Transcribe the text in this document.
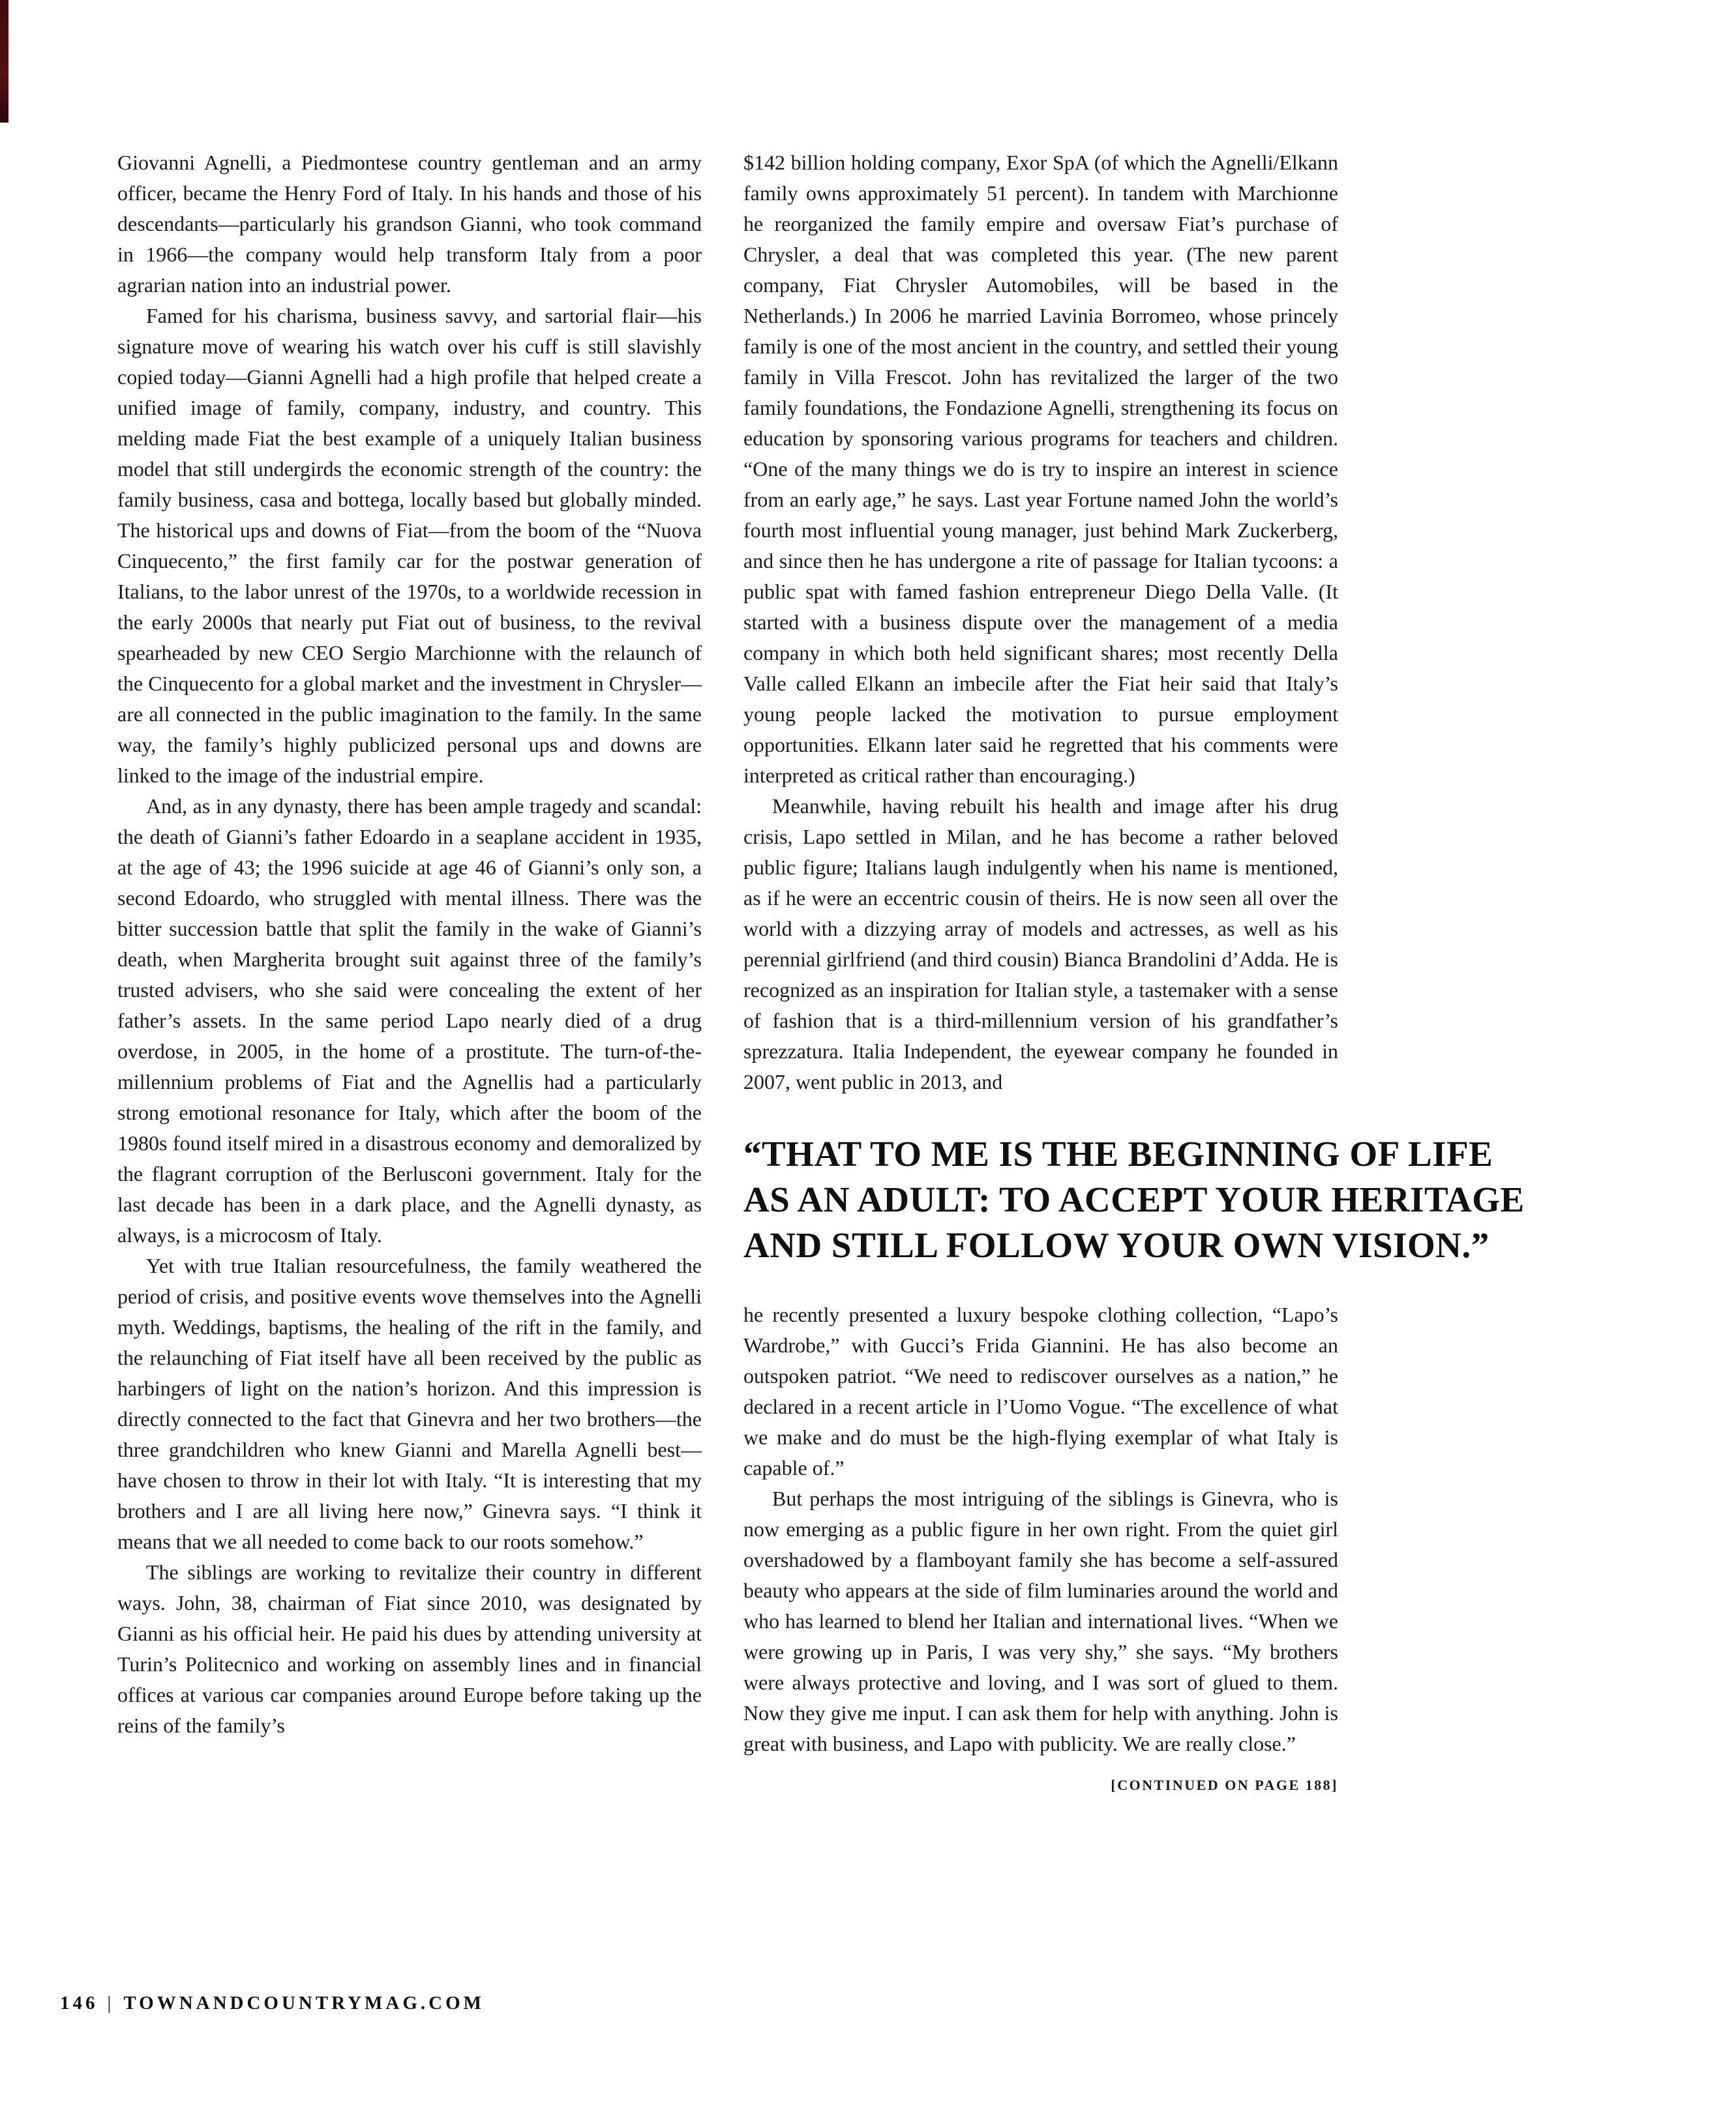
Giovanni Agnelli, a Piedmontese country gentleman and an army officer, became the Henry Ford of Italy. In his hands and those of his descendants—particularly his grandson Gianni, who took command in 1966—the company would help transform Italy from a poor agrarian nation into an industrial power.

Famed for his charisma, business savvy, and sartorial flair—his signature move of wearing his watch over his cuff is still slavishly copied today—Gianni Agnelli had a high profile that helped create a unified image of family, company, industry, and country. This melding made Fiat the best example of a uniquely Italian business model that still undergirds the economic strength of the country: the family business, casa and bottega, locally based but globally minded. The historical ups and downs of Fiat—from the boom of the “Nuova Cinquecento,” the first family car for the postwar generation of Italians, to the labor unrest of the 1970s, to a worldwide recession in the early 2000s that nearly put Fiat out of business, to the revival spearheaded by new CEO Sergio Marchionne with the relaunch of the Cinquecento for a global market and the investment in Chrysler—are all connected in the public imagination to the family. In the same way, the family’s highly publicized personal ups and downs are linked to the image of the industrial empire.

And, as in any dynasty, there has been ample tragedy and scandal: the death of Gianni’s father Edoardo in a seaplane accident in 1935, at the age of 43; the 1996 suicide at age 46 of Gianni’s only son, a second Edoardo, who struggled with mental illness. There was the bitter succession battle that split the family in the wake of Gianni’s death, when Margherita brought suit against three of the family’s trusted advisers, who she said were concealing the extent of her father’s assets. In the same period Lapo nearly died of a drug overdose, in 2005, in the home of a prostitute. The turn-of-the-millennium problems of Fiat and the Agnellis had a particularly strong emotional resonance for Italy, which after the boom of the 1980s found itself mired in a disastrous economy and demoralized by the flagrant corruption of the Berlusconi government. Italy for the last decade has been in a dark place, and the Agnelli dynasty, as always, is a microcosm of Italy.

Yet with true Italian resourcefulness, the family weathered the period of crisis, and positive events wove themselves into the Agnelli myth. Weddings, baptisms, the healing of the rift in the family, and the relaunching of Fiat itself have all been received by the public as harbingers of light on the nation’s horizon. And this impression is directly connected to the fact that Ginevra and her two brothers—the three grandchildren who knew Gianni and Marella Agnelli best—have chosen to throw in their lot with Italy. “It is interesting that my brothers and I are all living here now,” Ginevra says. “I think it means that we all needed to come back to our roots somehow.”

The siblings are working to revitalize their country in different ways. John, 38, chairman of Fiat since 2010, was designated by Gianni as his official heir. He paid his dues by attending university at Turin’s Politecnico and working on assembly lines and in financial offices at various car companies around Europe before taking up the reins of the family’s

$142 billion holding company, Exor SpA (of which the Agnelli/Elkann family owns approximately 51 percent). In tandem with Marchionne he reorganized the family empire and oversaw Fiat’s purchase of Chrysler, a deal that was completed this year. (The new parent company, Fiat Chrysler Automobiles, will be based in the Netherlands.) In 2006 he married Lavinia Borromeo, whose princely family is one of the most ancient in the country, and settled their young family in Villa Frescot. John has revitalized the larger of the two family foundations, the Fondazione Agnelli, strengthening its focus on education by sponsoring various programs for teachers and children. “One of the many things we do is try to inspire an interest in science from an early age,” he says. Last year Fortune named John the world’s fourth most influential young manager, just behind Mark Zuckerberg, and since then he has undergone a rite of passage for Italian tycoons: a public spat with famed fashion entrepreneur Diego Della Valle. (It started with a business dispute over the management of a media company in which both held significant shares; most recently Della Valle called Elkann an imbecile after the Fiat heir said that Italy’s young people lacked the motivation to pursue employment opportunities. Elkann later said he regretted that his comments were interpreted as critical rather than encouraging.)

Meanwhile, having rebuilt his health and image after his drug crisis, Lapo settled in Milan, and he has become a rather beloved public figure; Italians laugh indulgently when his name is mentioned, as if he were an eccentric cousin of theirs. He is now seen all over the world with a dizzying array of models and actresses, as well as his perennial girlfriend (and third cousin) Bianca Brandolini d’Adda. He is recognized as an inspiration for Italian style, a tastemaker with a sense of fashion that is a third-millennium version of his grandfather’s sprezzatura. Italia Independent, the eyewear company he founded in 2007, went public in 2013, and

“THAT TO ME IS THE BEGINNING OF LIFE
AS AN ADULT: TO ACCEPT YOUR HERITAGE
AND STILL FOLLOW YOUR OWN VISION.”

he recently presented a luxury bespoke clothing collection, “Lapo’s Wardrobe,” with Gucci’s Frida Giannini. He has also become an outspoken patriot. “We need to rediscover ourselves as a nation,” he declared in a recent article in l’Uomo Vogue. “The excellence of what we make and do must be the high-flying exemplar of what Italy is capable of.”

But perhaps the most intriguing of the siblings is Ginevra, who is now emerging as a public figure in her own right. From the quiet girl overshadowed by a flamboyant family she has become a self-assured beauty who appears at the side of film luminaries around the world and who has learned to blend her Italian and international lives. “When we were growing up in Paris, I was very shy,” she says. “My brothers were always protective and loving, and I was sort of glued to them. Now they give me input. I can ask them for help with anything. John is great with business, and Lapo with publicity. We are really close.”
[CONTINUED ON PAGE 188]

146 | TOWNANDCOUNTRYMAG.COM
